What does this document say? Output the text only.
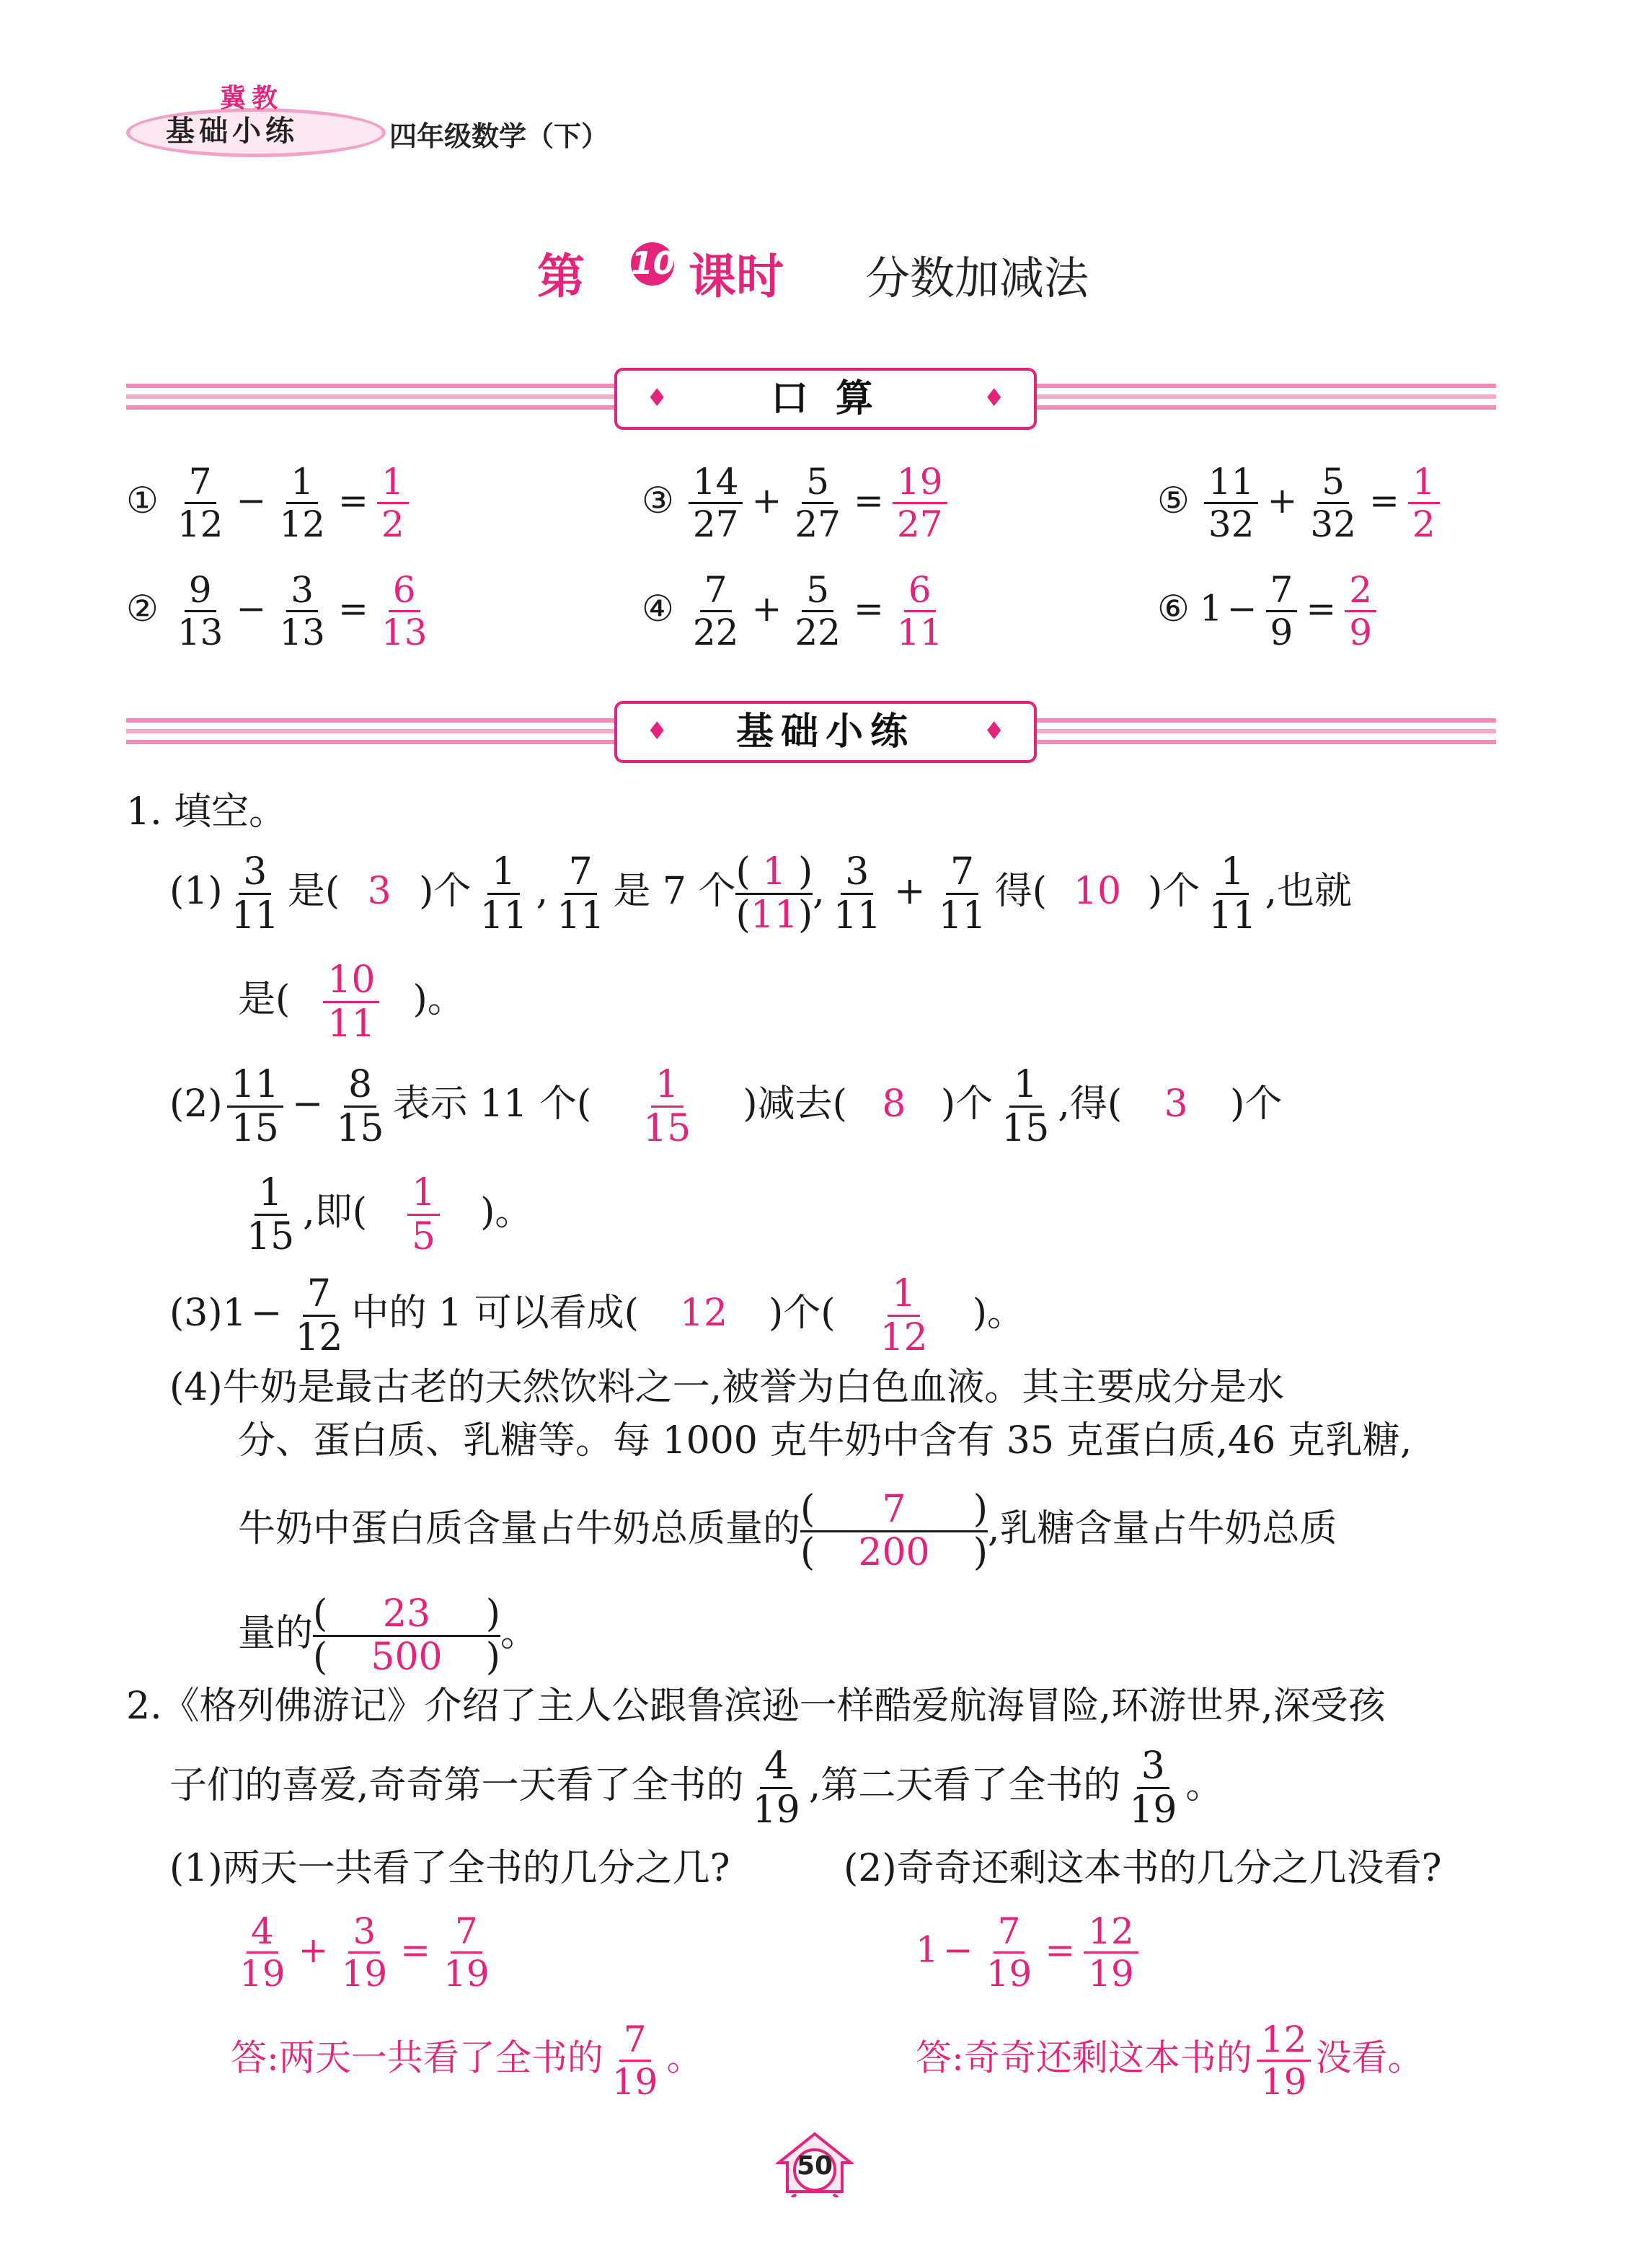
冀教
基础小练	四年级数学（下）
第 10 课时 分数加减法
♦	口 算	♦
① $\frac{7}{12} - \frac{1}{12} = \frac{1}{2}$
② $\frac{9}{13} - \frac{3}{13} = \frac{6}{13}$
③ $\frac{14}{27} + \frac{5}{27} = \frac{19}{27}$
④ $\frac{7}{22} + \frac{5}{22} = \frac{6}{11}$
⑤ $\frac{11}{32} + \frac{5}{32} = \frac{1}{2}$
⑥ $1 - \frac{7}{9} = \frac{2}{9}$
♦ 基础小练	♦
1. 填空。
$(1) \frac{3}{11}$ 是( 3 )个 $\frac{1}{11}$ , $\frac{7}{11}$ 是 7 个 $\frac{( 1 )}{( 11 )}$ , $\frac{3}{11} + \frac{7}{11}$ 得( 10 )个 $\frac{1}{11}$ ,也就
是( $\frac{10}{11}$ )。
$(2) \frac{11}{15} - \frac{8}{15}$ 表示 11 个( $\frac{1}{15}$ )减去( 8 )个 $\frac{1}{15}$ ,得( 3 )个
$\frac{1}{15}$ ,即( $\frac{1}{5}$ )。
$(3)1 - \frac{7}{12}$ 中的 1 可以看成( 12 )个( $\frac{1}{12}$ )。
(4)牛奶是最古老的天然饮料之一,被誉为白色血液。其主要成分是水
分、蛋白质、乳糖等。每 1000 克牛奶中含有 35 克蛋白质,46 克乳糖,
牛奶中蛋白质含量占牛奶总质量的 (	7	)
(	200	) ,乳糖含量占牛奶总质
量的 (	23	)
(	500	) 。
2.《格列佛游记》介绍了主人公跟鲁滨逊一样酷爱航海冒险,环游世界,深受孩
子们的喜爱,奇奇第一天看了全书的 $\frac{4}{19}$ ,第二天看了全书的 $\frac{3}{19}$ 。
(1)两天一共看了全书的几分之几?	(2)奇奇还剩这本书的几分之几没看?
$\frac{4}{19} + \frac{3}{19} = \frac{7}{19}$	$1 - \frac{7}{19} = \frac{12}{19}$
答:两天一共看了全书的 $\frac{7}{19}$ 。	答:奇奇还剩这本书的 $\frac{12}{19}$ 没看。
50
